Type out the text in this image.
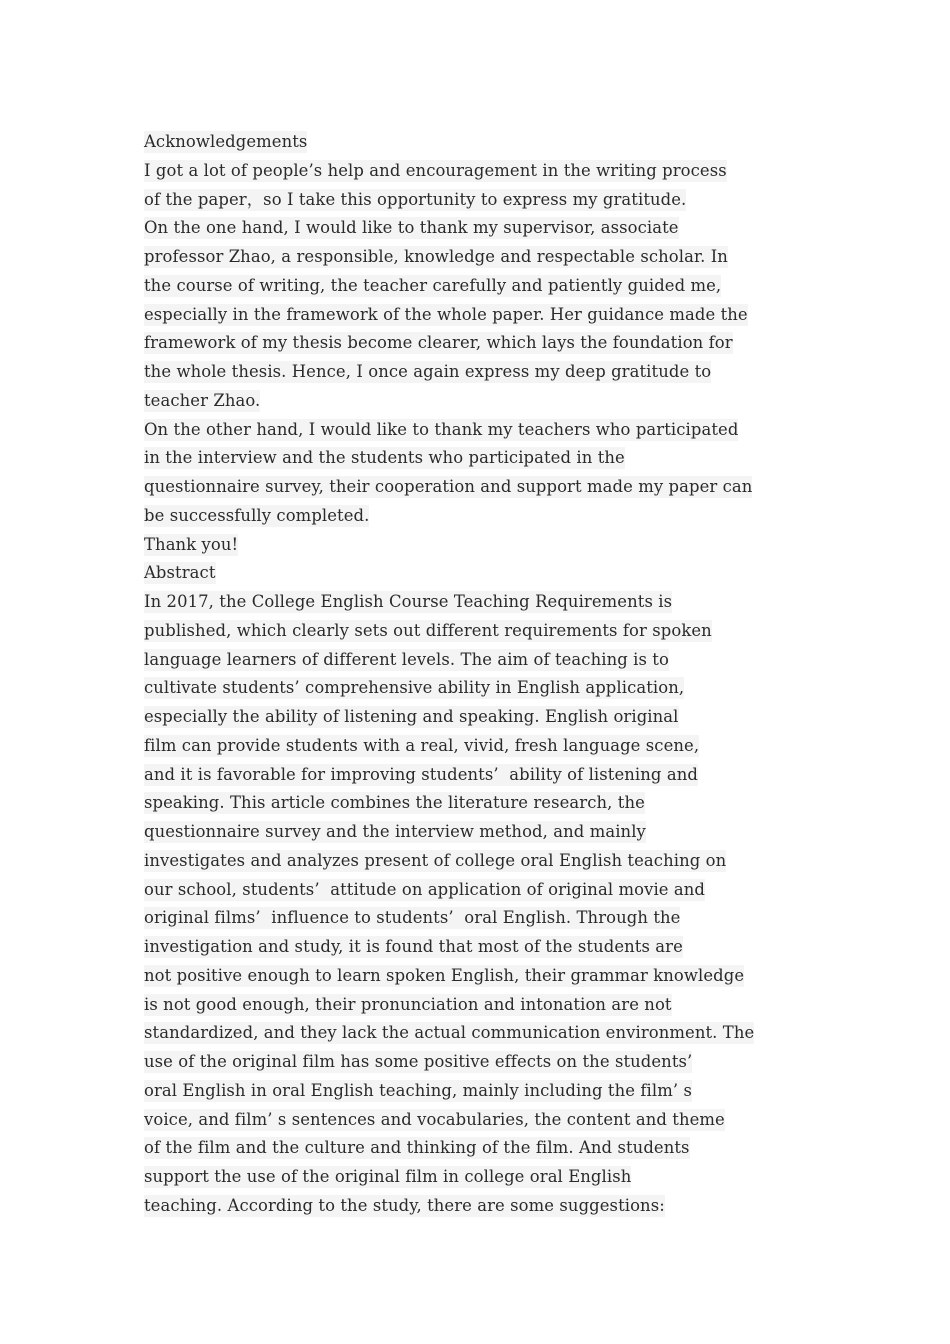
Acknowledgements
I got a lot of people’s help and encouragement in the writing process
of the paper，so I take this opportunity to express my gratitude.
On the one hand, I would like to thank my supervisor, associate
professor Zhao, a responsible, knowledge and respectable scholar. In
the course of writing, the teacher carefully and patiently guided me,
especially in the framework of the whole paper. Her guidance made the
framework of my thesis become clearer, which lays the foundation for
the whole thesis. Hence, I once again express my deep gratitude to
teacher Zhao.
On the other hand, I would like to thank my teachers who participated
in the interview and the students who participated in the
questionnaire survey, their cooperation and support made my paper can
be successfully completed.
Thank you!
Abstract
In 2017, the College English Course Teaching Requirements is
published, which clearly sets out different requirements for spoken
language learners of different levels. The aim of teaching is to
cultivate students’ comprehensive ability in English application,
especially the ability of listening and speaking. English original
film can provide students with a real, vivid, fresh language scene,
and it is favorable for improving students’  ability of listening and
speaking. This article combines the literature research, the
questionnaire survey and the interview method, and mainly
investigates and analyzes present of college oral English teaching on
our school, students’  attitude on application of original movie and
original films’  influence to students’  oral English. Through the
investigation and study, it is found that most of the students are
not positive enough to learn spoken English, their grammar knowledge
is not good enough, their pronunciation and intonation are not
standardized, and they lack the actual communication environment. The
use of the original film has some positive effects on the students’
oral English in oral English teaching, mainly including the film’ s
voice, and film’ s sentences and vocabularies, the content and theme
of the film and the culture and thinking of the film. And students
support the use of the original film in college oral English
teaching. According to the study, there are some suggestions:
